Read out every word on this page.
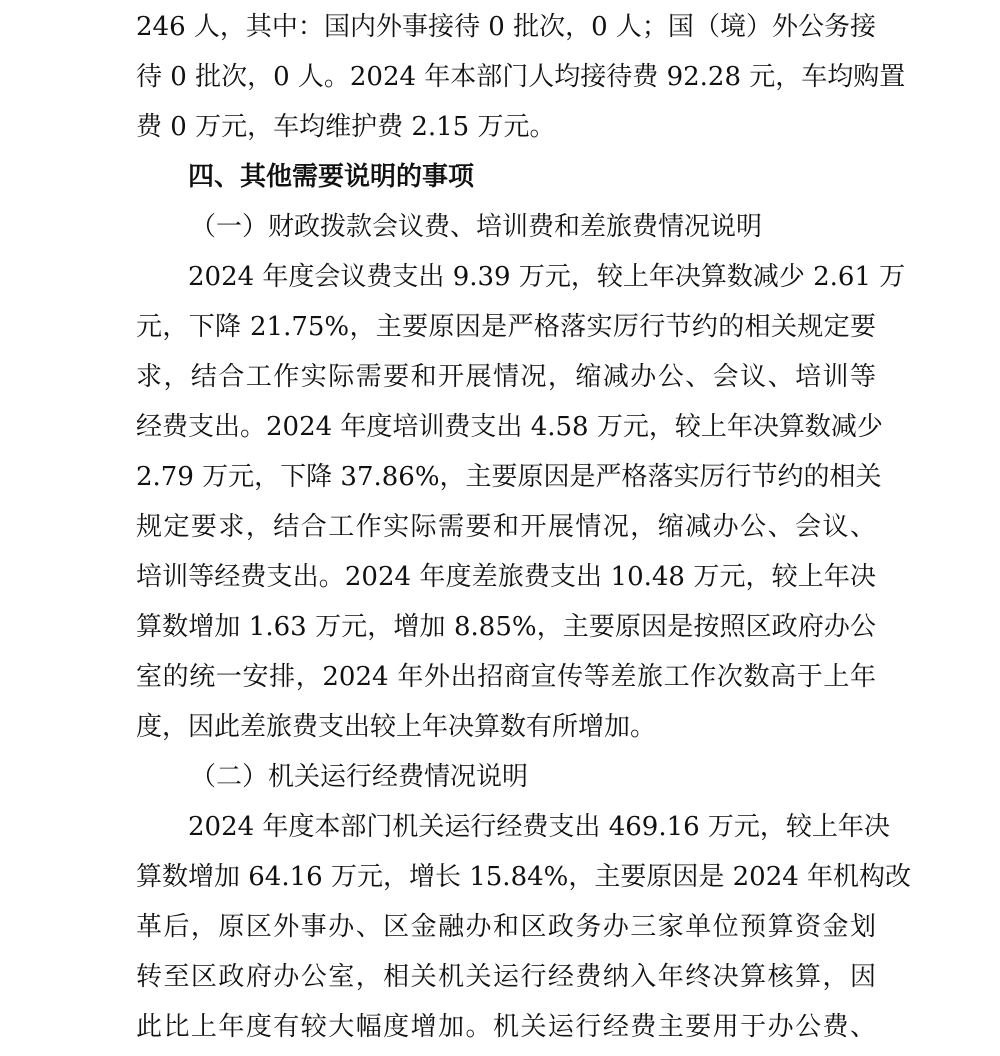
246 人，其中：国内外事接待 0 批次，0 人；国（境）外公务接
待 0 批次，0 人。2024 年本部门人均接待费 92.28 元，车均购置
费 0 万元，车均维护费 2.15 万元。
四、其他需要说明的事项
（一）财政拨款会议费、培训费和差旅费情况说明
2024 年度会议费支出 9.39 万元，较上年决算数减少 2.61 万
元，下降 21.75%，主要原因是严格落实厉行节约的相关规定要
求，结合工作实际需要和开展情况，缩减办公、会议、培训等
经费支出。2024 年度培训费支出 4.58 万元，较上年决算数减少
2.79 万元，下降 37.86%，主要原因是严格落实厉行节约的相关
规定要求，结合工作实际需要和开展情况，缩减办公、会议、
培训等经费支出。2024 年度差旅费支出 10.48 万元，较上年决
算数增加 1.63 万元，增加 8.85%，主要原因是按照区政府办公
室的统一安排，2024 年外出招商宣传等差旅工作次数高于上年
度，因此差旅费支出较上年决算数有所增加。
（二）机关运行经费情况说明
2024 年度本部门机关运行经费支出 469.16 万元，较上年决
算数增加 64.16 万元，增长 15.84%，主要原因是 2024 年机构改
革后，原区外事办、区金融办和区政务办三家单位预算资金划
转至区政府办公室，相关机关运行经费纳入年终决算核算，因
此比上年度有较大幅度增加。机关运行经费主要用于办公费、
